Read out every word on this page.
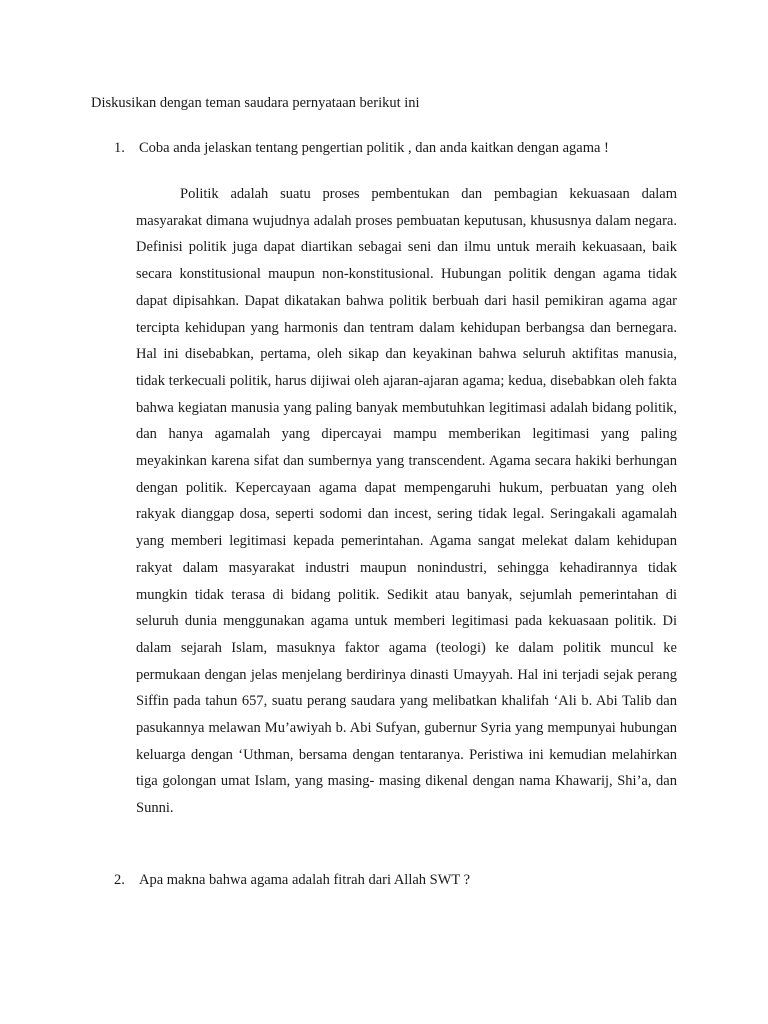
Diskusikan dengan teman saudara pernyataan berikut ini
1. Coba anda jelaskan tentang pengertian politik , dan anda kaitkan dengan agama !

Politik adalah suatu proses pembentukan dan pembagian kekuasaan dalam masyarakat dimana wujudnya adalah proses pembuatan keputusan, khususnya dalam negara. Definisi politik juga dapat diartikan sebagai seni dan ilmu untuk meraih kekuasaan, baik secara konstitusional maupun non-konstitusional. Hubungan politik dengan agama tidak dapat dipisahkan. Dapat dikatakan bahwa politik berbuah dari hasil pemikiran agama agar tercipta kehidupan yang harmonis dan tentram dalam kehidupan berbangsa dan bernegara. Hal ini disebabkan, pertama, oleh sikap dan keyakinan bahwa seluruh aktifitas manusia, tidak terkecuali politik, harus dijiwai oleh ajaran-ajaran agama; kedua, disebabkan oleh fakta bahwa kegiatan manusia yang paling banyak membutuhkan legitimasi adalah bidang politik, dan hanya agamalah yang dipercayai mampu memberikan legitimasi yang paling meyakinkan karena sifat dan sumbernya yang transcendent. Agama secara hakiki berhungan dengan politik. Kepercayaan agama dapat mempengaruhi hukum, perbuatan yang oleh rakyak dianggap dosa, seperti sodomi dan incest, sering tidak legal. Seringakali agamalah yang memberi legitimasi kepada pemerintahan. Agama sangat melekat dalam kehidupan rakyat dalam masyarakat industri maupun nonindustri, sehingga kehadirannya tidak mungkin tidak terasa di bidang politik. Sedikit atau banyak, sejumlah pemerintahan di seluruh dunia menggunakan agama untuk memberi legitimasi pada kekuasaan politik. Di dalam sejarah Islam, masuknya faktor agama (teologi) ke dalam politik muncul ke permukaan dengan jelas menjelang berdirinya dinasti Umayyah. Hal ini terjadi sejak perang Siffin pada tahun 657, suatu perang saudara yang melibatkan khalifah ‘Ali b. Abi Talib dan pasukannya melawan Mu’awiyah b. Abi Sufyan, gubernur Syria yang mempunyai hubungan keluarga dengan ‘Uthman, bersama dengan tentaranya. Peristiwa ini kemudian melahirkan tiga golongan umat Islam, yang masing- masing dikenal dengan nama Khawarij, Shi’a, dan Sunni.

2. Apa makna bahwa agama adalah fitrah dari Allah SWT ?
